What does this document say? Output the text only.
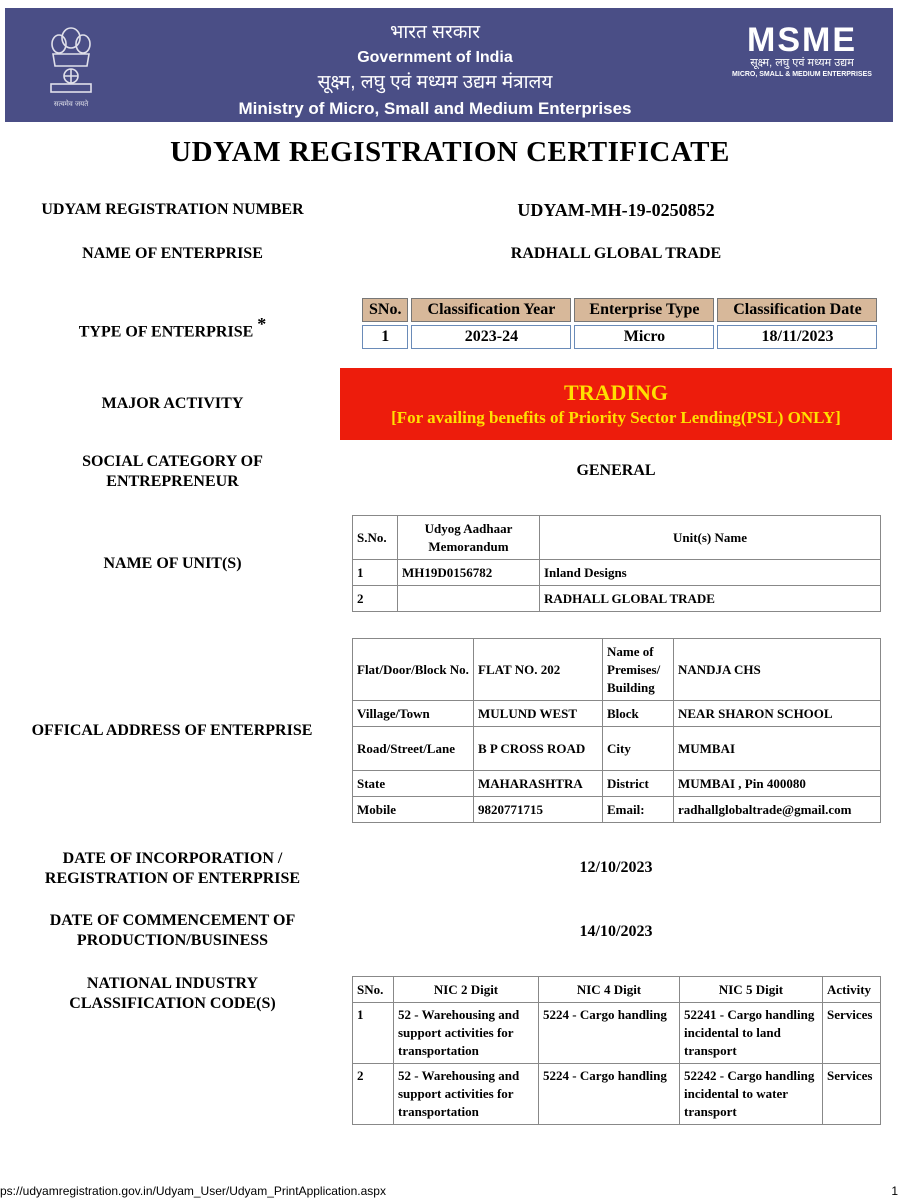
सत्यमेव जयते
भारत सरकार
Government of India
सूक्ष्म, लघु एवं मध्यम उद्यम मंत्रालय
Ministry of Micro, Small and Medium Enterprises
MSME
सूक्ष्म, लघु एवं मध्यम उद्यम
MICRO, SMALL & MEDIUM ENTERPRISES
UDYAM REGISTRATION CERTIFICATE
UDYAM REGISTRATION NUMBER	UDYAM-MH-19-0250852
NAME OF ENTERPRISE	RADHALL GLOBAL TRADE
TYPE OF ENTERPRISE *
SNo.	Classification Year	Enterprise Type	Classification Date
1	2023-24	Micro	18/11/2023
MAJOR ACTIVITY	TRADING
[For availing benefits of Priority Sector Lending(PSL) ONLY]
SOCIAL CATEGORY OF ENTREPRENEUR
GENERAL
NAME OF UNIT(S)
S.No.	Udyog Aadhaar Memorandum	Unit(s) Name
1	MH19D0156782	Inland Designs
2		RADHALL GLOBAL TRADE
OFFICAL ADDRESS OF ENTERPRISE
Flat/Door/Block No.	FLAT NO. 202	Name of Premises/ Building	NANDJA CHS
Village/Town	MULUND WEST	Block	NEAR SHARON SCHOOL
Road/Street/Lane	B P CROSS ROAD	City	MUMBAI
State	MAHARASHTRA	District	MUMBAI , Pin 400080
Mobile	9820771715	Email:	radhallglobaltrade@gmail.com
DATE OF INCORPORATION / REGISTRATION OF ENTERPRISE
12/10/2023
DATE OF COMMENCEMENT OF PRODUCTION/BUSINESS
14/10/2023
NATIONAL INDUSTRY CLASSIFICATION CODE(S)
SNo.	NIC 2 Digit	NIC 4 Digit	NIC 5 Digit	Activity
1	52 - Warehousing and support activities for transportation	5224 - Cargo handling	52241 - Cargo handling incidental to land transport	Services
2	52 - Warehousing and support activities for transportation	5224 - Cargo handling	52242 - Cargo handling incidental to water transport	Services
ps://udyamregistration.gov.in/Udyam_User/Udyam_PrintApplication.aspx	1
